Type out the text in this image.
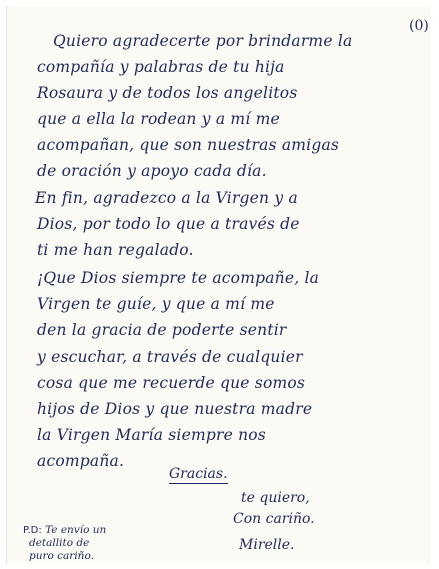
(0)
Quiero agradecerte por brindarme la
compañía y palabras de tu hija
Rosaura y de todos los angelitos
que a ella la rodean y a mí me
acompañan, que son nuestras amigas
de oración y apoyo cada día.
En fin, agradezco a la Virgen y a
Dios, por todo lo que a través de
ti me han regalado.
¡Que Dios siempre te acompañe, la
Virgen te guíe, y que a mí me
den la gracia de poderte sentir
y escuchar, a través de cualquier
cosa que me recuerde que somos
hijos de Dios y que nuestra madre
la Virgen María siempre nos
acompaña.
Gracias.
te quiero,
Con cariño.
Mirelle.
P.D: Te envío un
detallito de
puro cariño.
